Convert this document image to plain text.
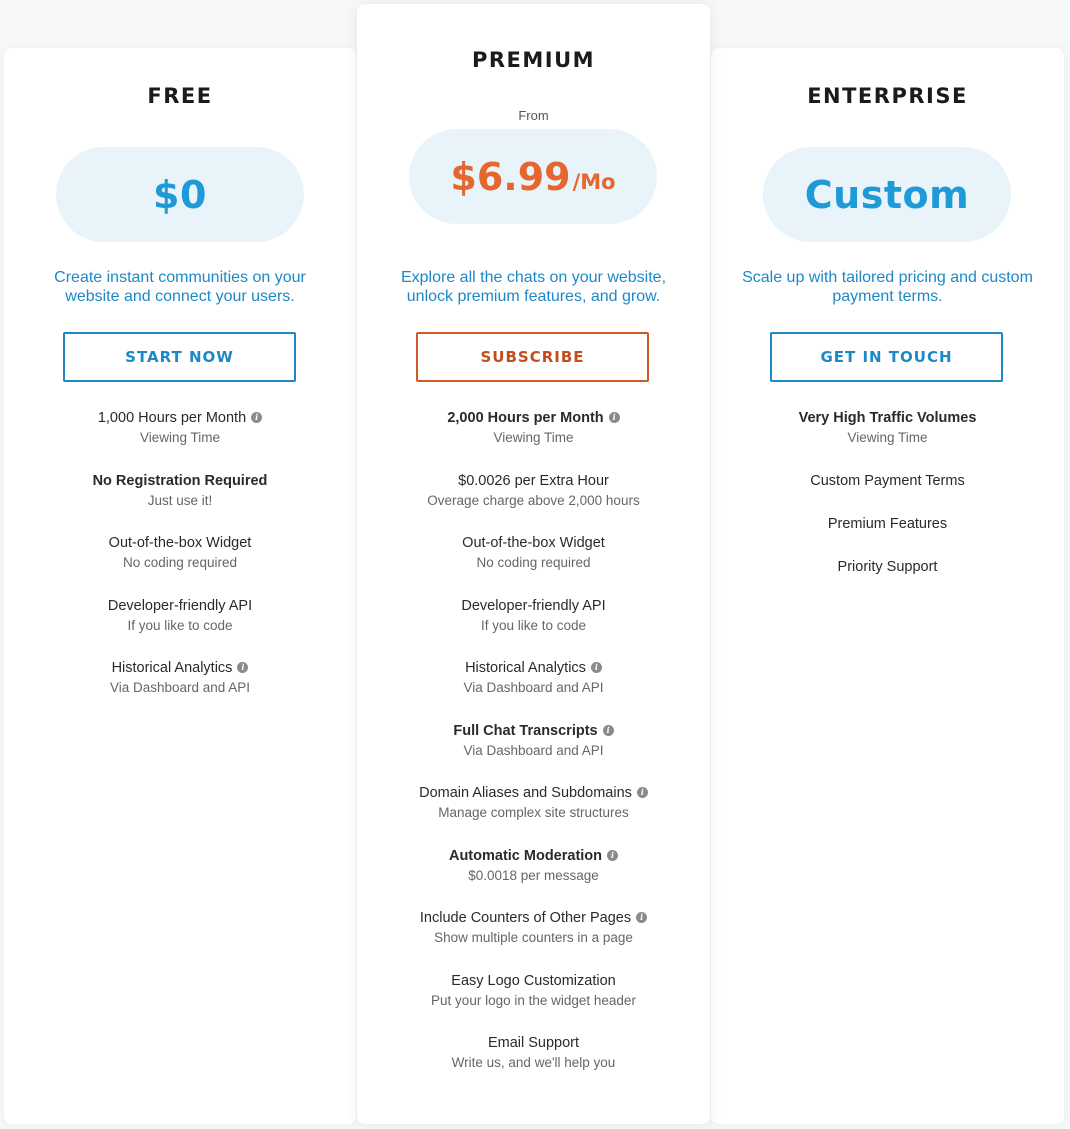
FREE
$0
Create instant communities on your website and connect your users.
START NOW
1,000 Hours per Month i
Viewing Time
No Registration Required
Just use it!
Out-of-the-box Widget
No coding required
Developer-friendly API
If you like to code
Historical Analytics i
Via Dashboard and API
PREMIUM
From
$6.99 /Mo
Explore all the chats on your website, unlock premium features, and grow.
SUBSCRIBE
2,000 Hours per Month i
Viewing Time
$0.0026 per Extra Hour
Overage charge above 2,000 hours
Out-of-the-box Widget
No coding required
Developer-friendly API
If you like to code
Historical Analytics i
Via Dashboard and API
Full Chat Transcripts i
Via Dashboard and API
Domain Aliases and Subdomains i
Manage complex site structures
Automatic Moderation i
$0.0018 per message
Include Counters of Other Pages i
Show multiple counters in a page
Easy Logo Customization
Put your logo in the widget header
Email Support
Write us, and we'll help you
ENTERPRISE
Custom
Scale up with tailored pricing and custom payment terms.
GET IN TOUCH
Very High Traffic Volumes
Viewing Time
Custom Payment Terms
Premium Features
Priority Support
